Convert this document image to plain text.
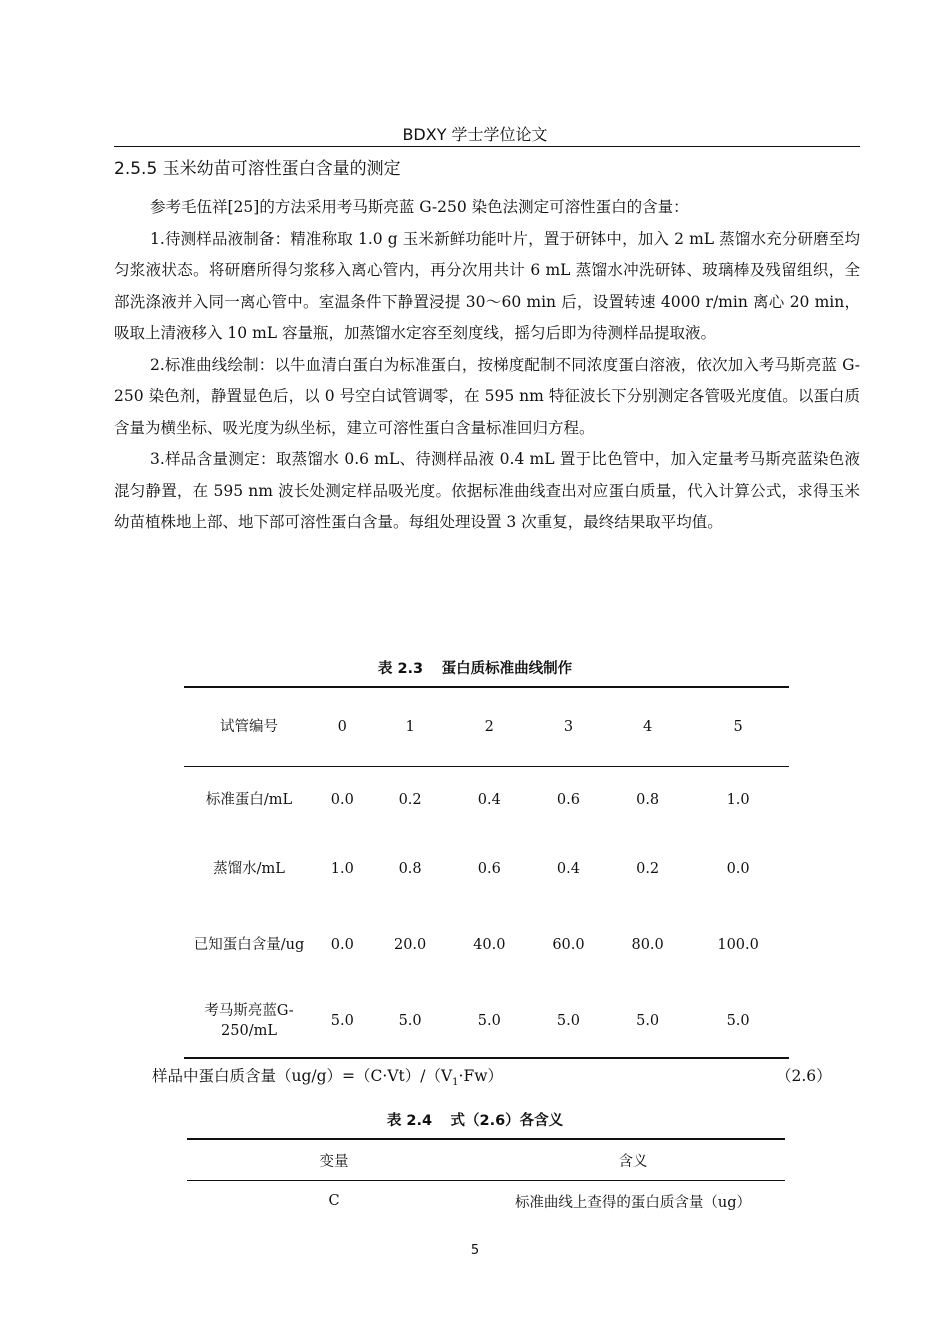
BDXY 学士学位论文
2.5.5 玉米幼苗可溶性蛋白含量的测定

参考毛伍祥[25]的方法采用考马斯亮蓝 G-250 染色法测定可溶性蛋白的含量：

1.待测样品液制备：精准称取 1.0 g 玉米新鲜功能叶片，置于研钵中，加入 2 mL 蒸馏水充分研磨至均匀浆液状态。将研磨所得匀浆移入离心管内，再分次用共计 6 mL 蒸馏水冲洗研钵、玻璃棒及残留组织，全部洗涤液并入同一离心管中。室温条件下静置浸提 30～60 min 后，设置转速 4000 r/min 离心 20 min，吸取上清液移入 10 mL 容量瓶，加蒸馏水定容至刻度线，摇匀后即为待测样品提取液。

2.标准曲线绘制：以牛血清白蛋白为标准蛋白，按梯度配制不同浓度蛋白溶液，依次加入考马斯亮蓝 G-250 染色剂，静置显色后，以 0 号空白试管调零，在 595 nm 特征波长下分别测定各管吸光度值。以蛋白质含量为横坐标、吸光度为纵坐标，建立可溶性蛋白含量标准回归方程。

3.样品含量测定：取蒸馏水 0.6 mL、待测样品液 0.4 mL 置于比色管中，加入定量考马斯亮蓝染色液混匀静置，在 595 nm 波长处测定样品吸光度。依据标准曲线查出对应蛋白质量，代入计算公式，求得玉米幼苗植株地上部、地下部可溶性蛋白含量。每组处理设置 3 次重复，最终结果取平均值。

表 2.3 蛋白质标准曲线制作
试管编号	0	1	2	3	4	5
标准蛋白/mL	0.0	0.2	0.4	0.6	0.8	1.0
蒸馏水/mL	1.0	0.8	0.6	0.4	0.2	0.0
已知蛋白含量/ug	0.0	20.0	40.0	60.0	80.0	100.0
考马斯亮蓝G-250/mL	5.0	5.0	5.0	5.0	5.0	5.0
样品中蛋白质含量$(ug/g)=(C\cdot Vt)/(V_1\cdot Fw)$	（2.6）
表 2.4 式（2.6）各含义
变量	含义
C	标准曲线上查得的蛋白质含量（ug）
5
